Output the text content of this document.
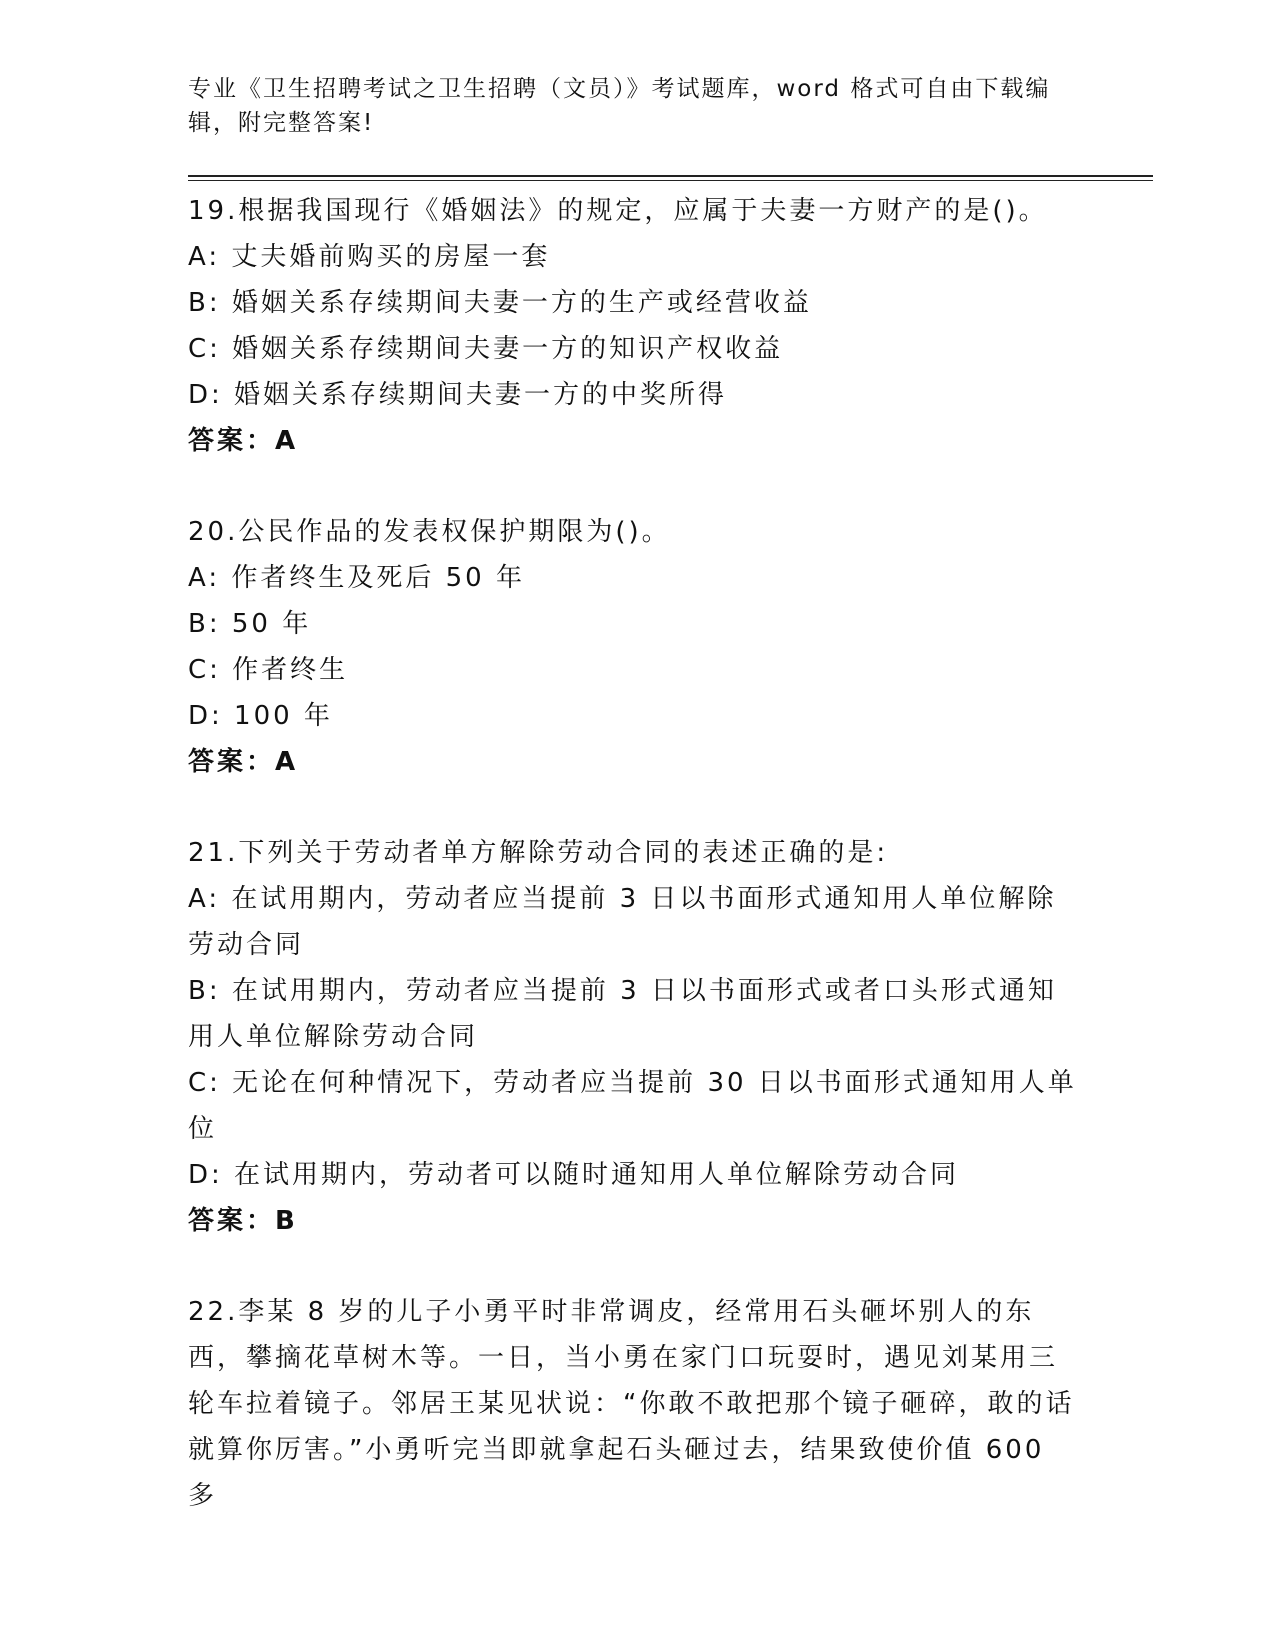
专业《卫生招聘考试之卫生招聘（文员）》考试题库，word 格式可自由下载编辑，附完整答案!

19.根据我国现行《婚姻法》的规定，应属于夫妻一方财产的是()。

A: 丈夫婚前购买的房屋一套

B: 婚姻关系存续期间夫妻一方的生产或经营收益

C: 婚姻关系存续期间夫妻一方的知识产权收益

D: 婚姻关系存续期间夫妻一方的中奖所得

答案：A

20.公民作品的发表权保护期限为()。

A: 作者终生及死后 50 年

B: 50 年

C: 作者终生

D: 100 年

答案：A

21.下列关于劳动者单方解除劳动合同的表述正确的是:

A: 在试用期内，劳动者应当提前 3 日以书面形式通知用人单位解除劳动合同

B: 在试用期内，劳动者应当提前 3 日以书面形式或者口头形式通知用人单位解除劳动合同

C: 无论在何种情况下，劳动者应当提前 30 日以书面形式通知用人单位

D: 在试用期内，劳动者可以随时通知用人单位解除劳动合同

答案：B

22.李某 8 岁的儿子小勇平时非常调皮，经常用石头砸坏别人的东西，攀摘花草树木等。一日，当小勇在家门口玩耍时，遇见刘某用三轮车拉着镜子。邻居王某见状说：“你敢不敢把那个镜子砸碎，敢的话就算你厉害。”小勇听完当即就拿起石头砸过去，结果致使价值 600 多
